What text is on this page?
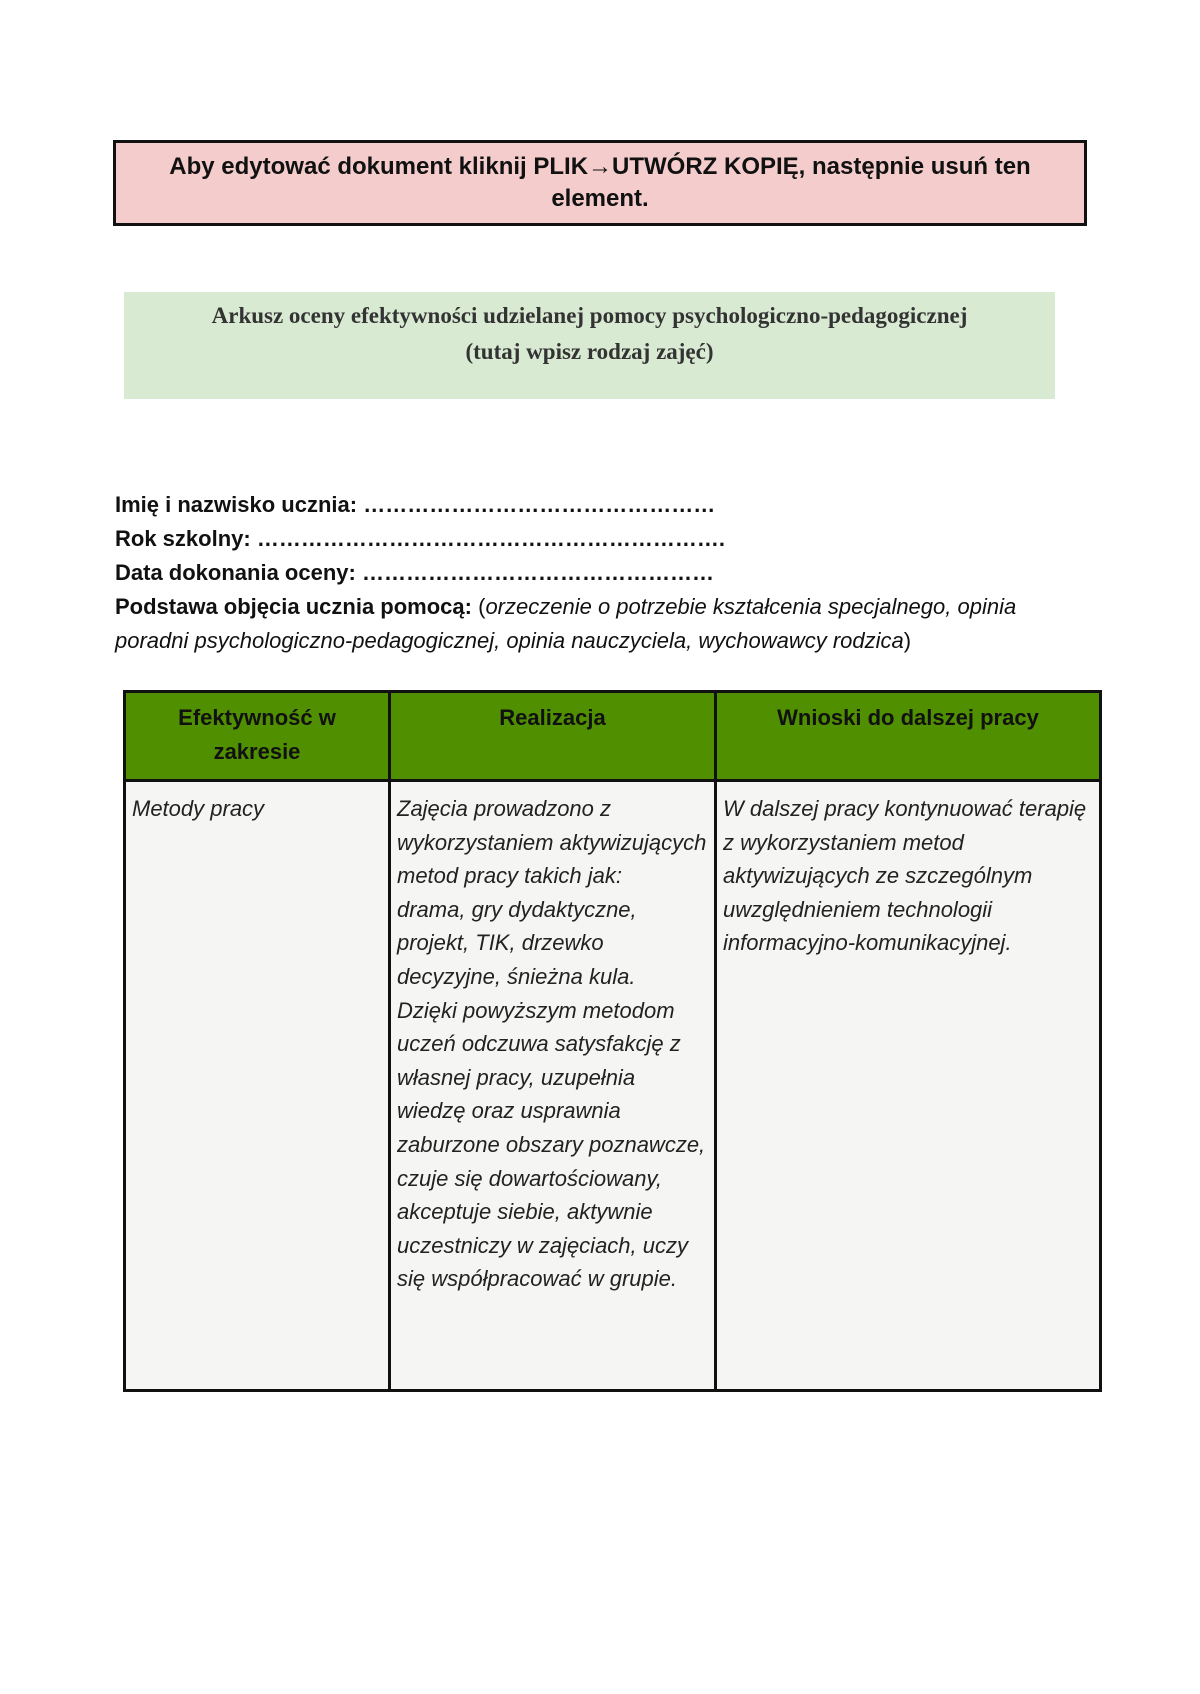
Aby edytować dokument kliknij PLIK→UTWÓRZ KOPIĘ, następnie usuń ten
element.
Arkusz oceny efektywności udzielanej pomocy psychologiczno-pedagogicznej
(tutaj wpisz rodzaj zajęć)
Imię i nazwisko ucznia: …………………………………………
Rok szkolny: ……………………………………………………….
Data dokonania oceny: …………………………………………
Podstawa objęcia ucznia pomocą: (orzeczenie o potrzebie kształcenia specjalnego, opinia poradni psychologiczno-pedagogicznej, opinia nauczyciela, wychowawcy rodzica)
Efektywność w zakresie	Realizacja	Wnioski do dalszej pracy
Metody pracy	Zajęcia prowadzono z wykorzystaniem aktywizujących metod pracy takich jak:
drama, gry dydaktyczne, projekt, TIK, drzewko decyzyjne, śnieżna kula.
Dzięki powyższym metodom uczeń odczuwa satysfakcję z własnej pracy, uzupełnia wiedzę oraz usprawnia zaburzone obszary poznawcze, czuje się dowartościowany, akceptuje siebie, aktywnie uczestniczy w zajęciach, uczy się współpracować w grupie.	W dalszej pracy kontynuować terapię z wykorzystaniem metod aktywizujących ze szczególnym uwzględnieniem technologii informacyjno-komunikacyjnej.
